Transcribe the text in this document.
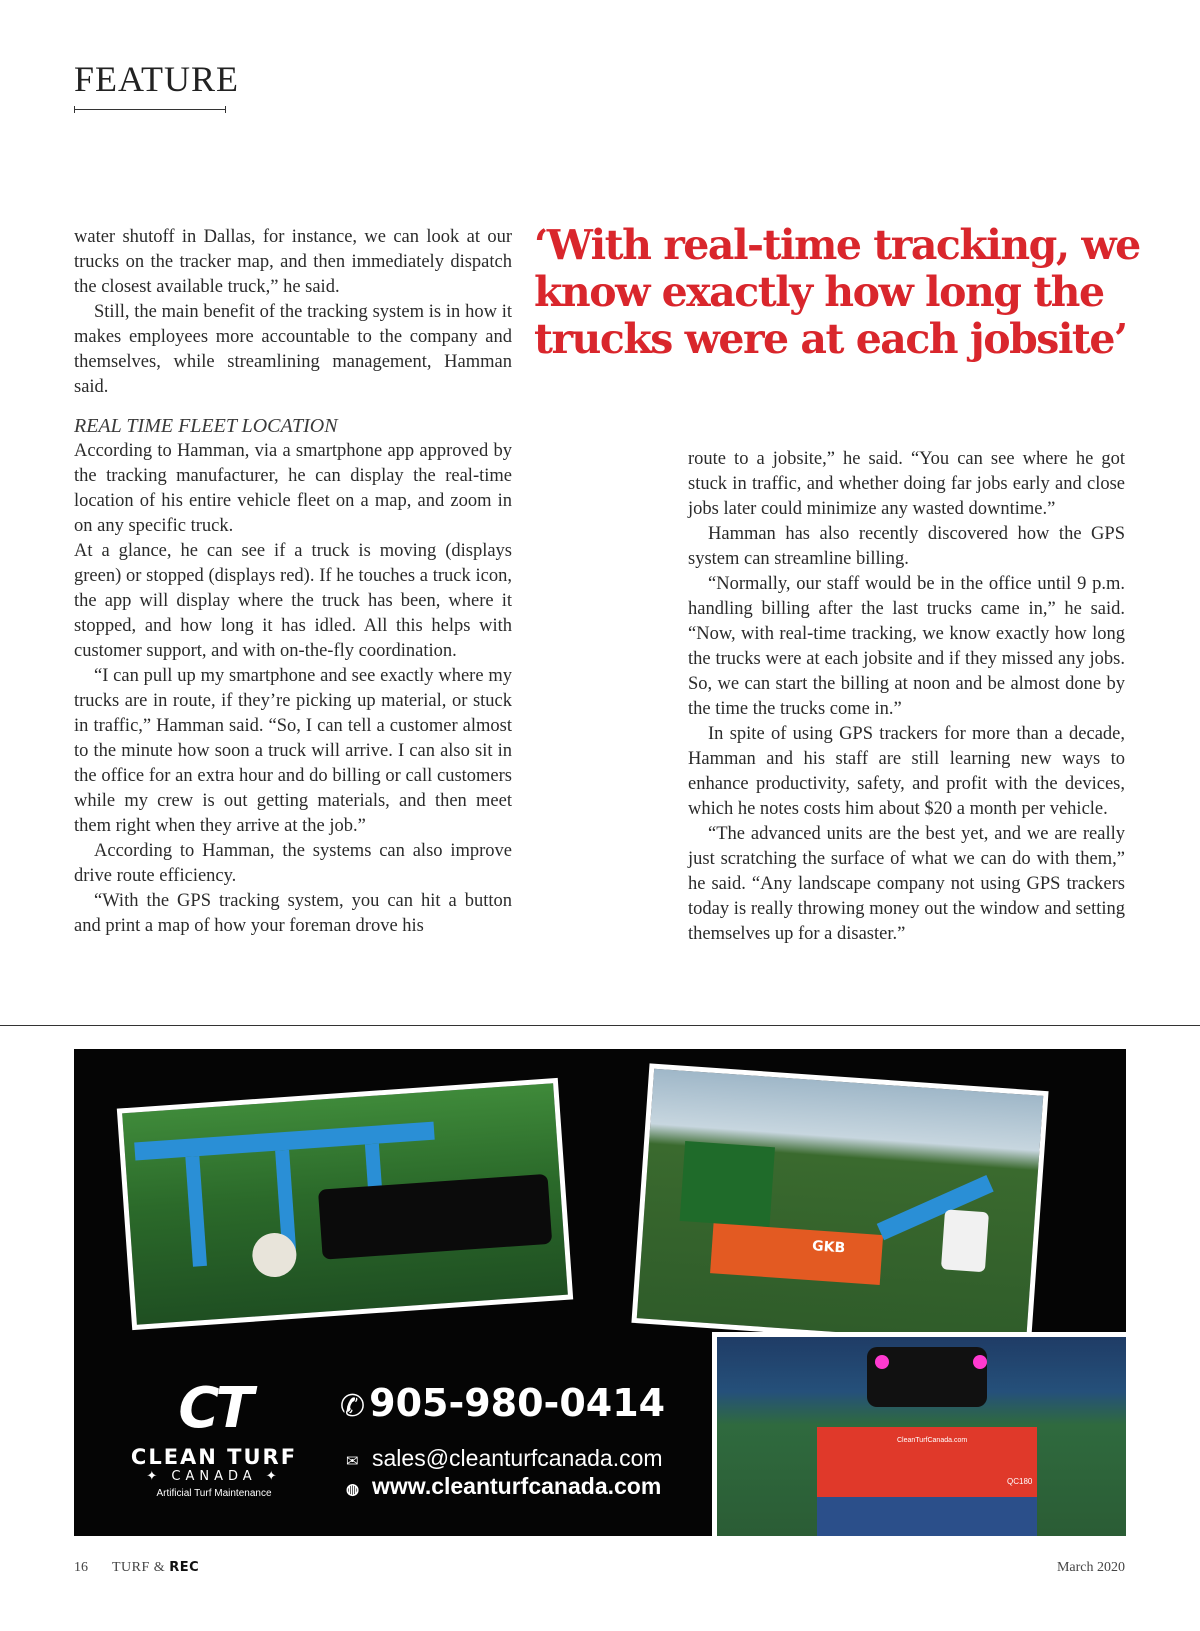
FEATURE

water shutoff in Dallas, for instance, we can look at our trucks on the tracker map, and then immediately dispatch the closest available truck,” he said.

Still, the main benefit of the tracking system is in how it makes employees more accountable to the company and themselves, while streamlining management, Hamman said.

REAL TIME FLEET LOCATION

According to Hamman, via a smartphone app approved by the tracking manufacturer, he can display the real-time location of his entire vehicle fleet on a map, and zoom in on any specific truck.

At a glance, he can see if a truck is moving (displays green) or stopped (displays red). If he touches a truck icon, the app will display where the truck has been, where it stopped, and how long it has idled. All this helps with customer support, and with on-the-fly coordination.

“I can pull up my smartphone and see exactly where my trucks are in route, if they’re picking up material, or stuck in traffic,” Hamman said. “So, I can tell a customer almost to the minute how soon a truck will arrive. I can also sit in the office for an extra hour and do billing or call customers while my crew is out getting materials, and then meet them right when they arrive at the job.”

According to Hamman, the systems can also improve drive route efficiency.

“With the GPS tracking system, you can hit a button and print a map of how your foreman drove his

‘With real-time tracking, we know exactly how long the trucks were at each jobsite’

route to a jobsite,” he said. “You can see where he got stuck in traffic, and whether doing far jobs early and close jobs later could minimize any wasted downtime.”

Hamman has also recently discovered how the GPS system can streamline billing.

“Normally, our staff would be in the office until 9 p.m. handling billing after the last trucks came in,” he said. “Now, with real-time tracking, we know exactly how long the trucks were at each jobsite and if they missed any jobs. So, we can start the billing at noon and be almost done by the time the trucks come in.”

In spite of using GPS trackers for more than a decade, Hamman and his staff are still learning new ways to enhance productivity, safety, and profit with the devices, which he notes costs him about $20 a month per vehicle.

“The advanced units are the best yet, and we are really just scratching the surface of what we can do with them,” he said. “Any landscape company not using GPS trackers today is really throwing money out the window and setting themselves up for a disaster.”

GKB
CleanTurfCanada.com
QC180
CT
CLEAN TURF
✦ CANADA ✦
Artificial Turf Maintenance
✆ 905-980-0414
✉ sales@cleanturfcanada.com
◍ www.cleanturfcanada.com
16 TURF & REC	March 2020
